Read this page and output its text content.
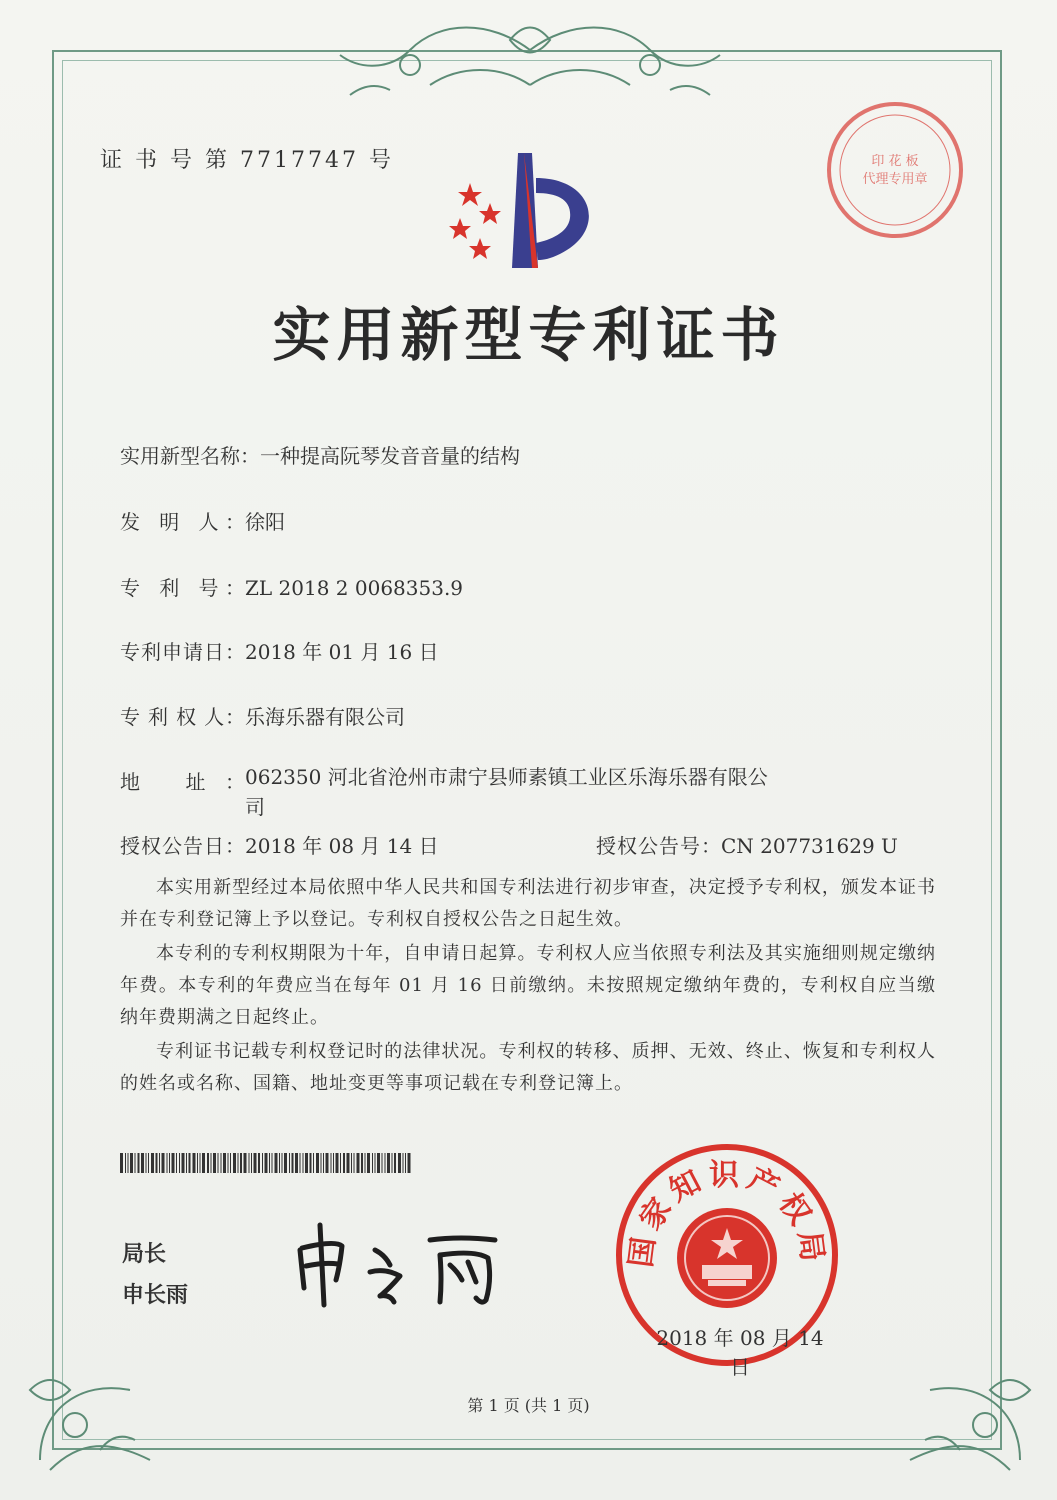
证 书 号 第 7717747 号	印 花 板
代理专用章
实用新型专利证书
实用新型名称：一种提高阮琴发音音量的结构
发 明 人：徐阳
专 利 号：ZL 2018 2 0068353.9
专利申请日：2018 年 01 月 16 日
专 利 权 人：乐海乐器有限公司
地 址：062350 河北省沧州市肃宁县师素镇工业区乐海乐器有限公司
授权公告日：2018 年 08 月 14 日	授权公告号：CN 207731629 U

本实用新型经过本局依照中华人民共和国专利法进行初步审查，决定授予专利权，颁发本证书并在专利登记簿上予以登记。专利权自授权公告之日起生效。

本专利的专利权期限为十年，自申请日起算。专利权人应当依照专利法及其实施细则规定缴纳年费。本专利的年费应当在每年 01 月 16 日前缴纳。未按照规定缴纳年费的，专利权自应当缴纳年费期满之日起终止。

专利证书记载专利权登记时的法律状况。专利权的转移、质押、无效、终止、恢复和专利权人的姓名或名称、国籍、地址变更等事项记载在专利登记簿上。

局长
申长雨
国家知识产权局
2018 年 08 月 14 日
第 1 页 (共 1 页)
